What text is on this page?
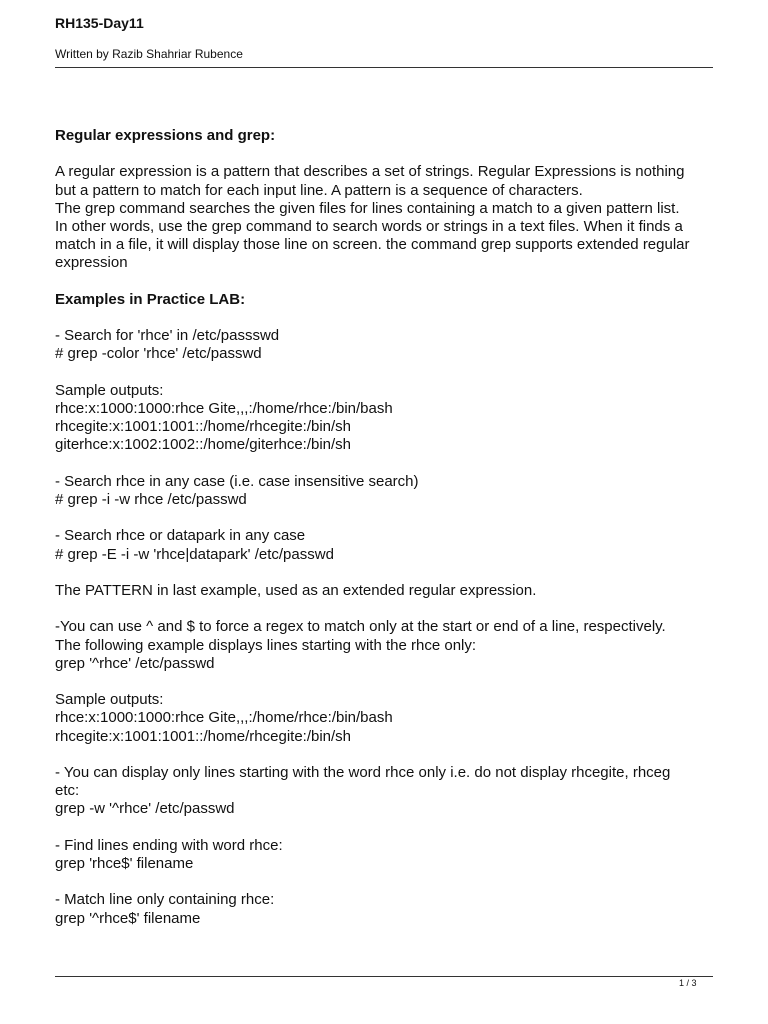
RH135-Day11
Written by Razib Shahriar Rubence
Regular expressions and grep:
A regular expression is a pattern that describes a set of strings. Regular Expressions is nothing
but a pattern to match for each input line. A pattern is a sequence of characters.
The grep command searches the given files for lines containing a match to a given pattern list.
In other words, use the grep command to search words or strings in a text files. When it finds a
match in a file, it will display those line on screen. the command grep supports extended regular
expression
Examples in Practice LAB:
- Search for 'rhce' in /etc/passswd
# grep -color 'rhce' /etc/passwd
Sample outputs:
rhce:x:1000:1000:rhce Gite,,,:/home/rhce:/bin/bash
rhcegite:x:1001:1001::/home/rhcegite:/bin/sh
giterhce:x:1002:1002::/home/giterhce:/bin/sh
- Search rhce in any case (i.e. case insensitive search)
# grep -i -w rhce /etc/passwd
- Search rhce or datapark in any case
# grep -E -i -w 'rhce|datapark' /etc/passwd
The PATTERN in last example, used as an extended regular expression.
-You can use ^ and $ to force a regex to match only at the start or end of a line, respectively.
The following example displays lines starting with the rhce only:
grep '^rhce' /etc/passwd
Sample outputs:
rhce:x:1000:1000:rhce Gite,,,:/home/rhce:/bin/bash
rhcegite:x:1001:1001::/home/rhcegite:/bin/sh
- You can display only lines starting with the word rhce only i.e. do not display rhcegite, rhceg
etc:
grep -w '^rhce' /etc/passwd
- Find lines ending with word rhce:
grep 'rhce$' filename
- Match line only containing rhce:
grep '^rhce$' filename
1 / 3
